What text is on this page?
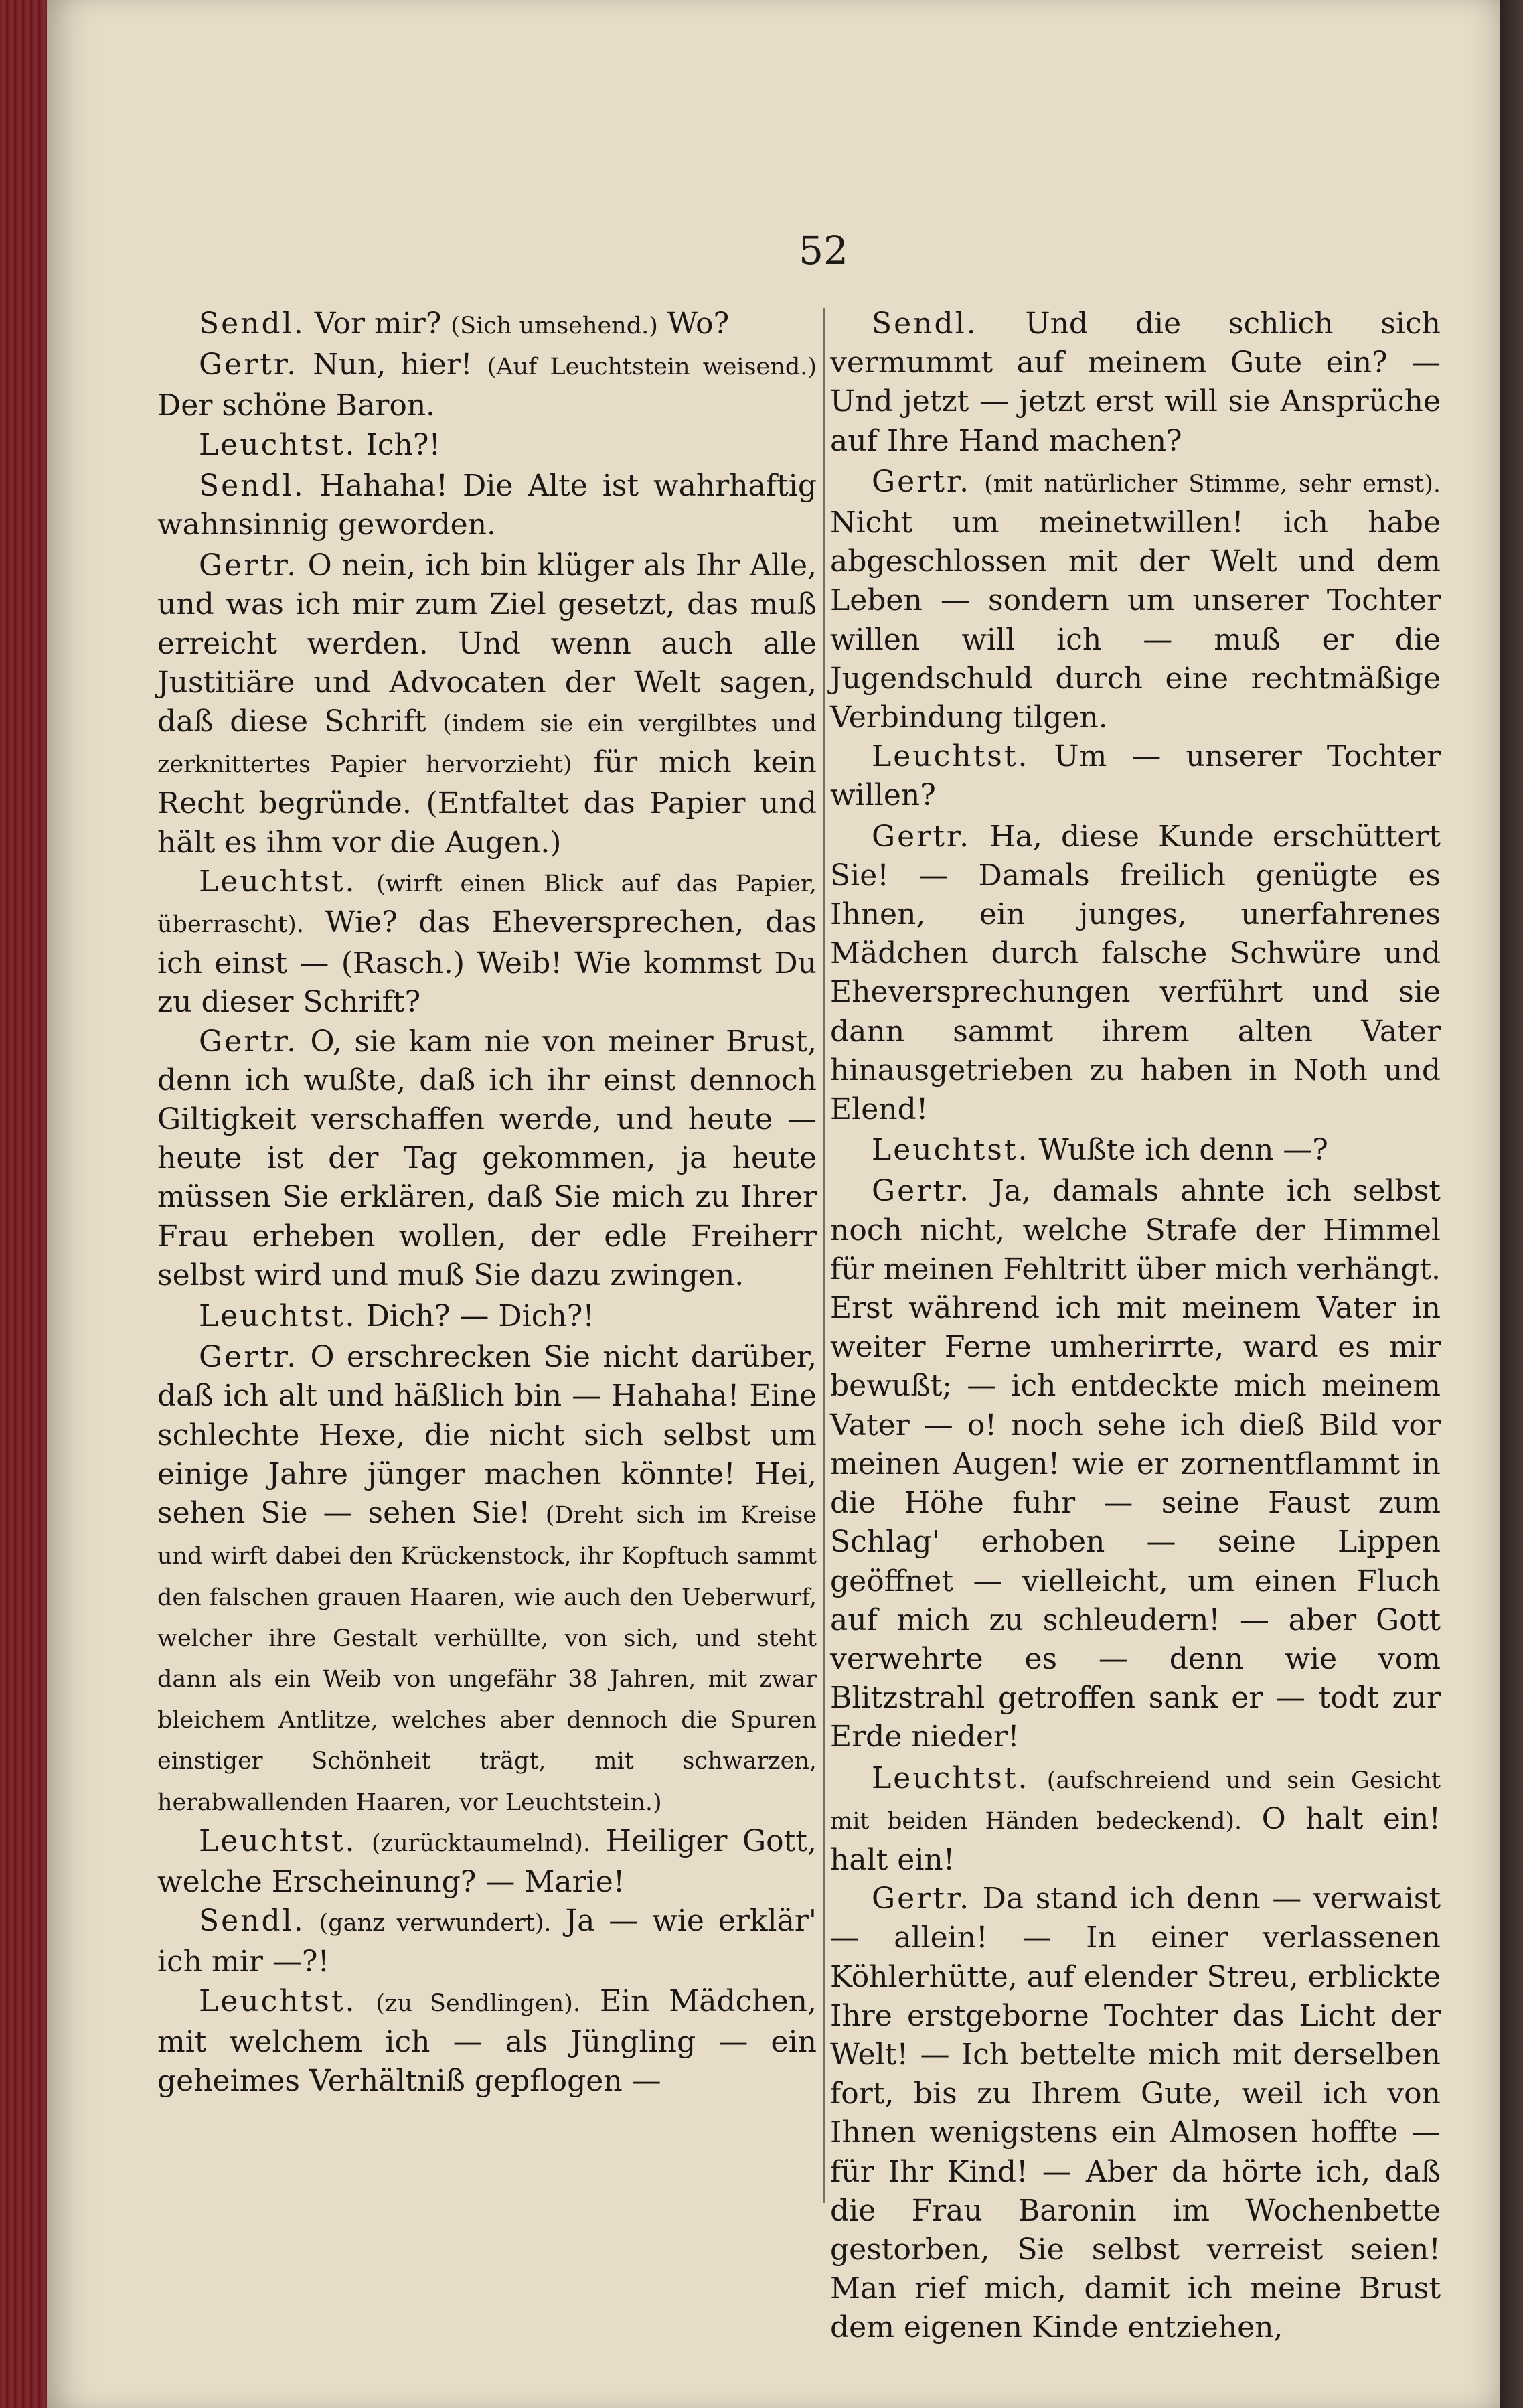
52

Sendl. Vor mir? (Sich umsehend.) Wo?

Gertr. Nun, hier! (Auf Leuchtstein weisend.) Der schöne Baron.

Leuchtst. Ich?!

Sendl. Hahaha! Die Alte ist wahrhaftig wahnsinnig geworden.

Gertr. O nein, ich bin klüger als Ihr Alle, und was ich mir zum Ziel gesetzt, das muß erreicht werden. Und wenn auch alle Justitiäre und Advocaten der Welt sagen, daß diese Schrift (indem sie ein vergilbtes und zerknittertes Papier hervorzieht) für mich kein Recht begründe. (Entfaltet das Papier und hält es ihm vor die Augen.)

Leuchtst. (wirft einen Blick auf das Papier, überrascht). Wie? das Eheversprechen, das ich einst — (Rasch.) Weib! Wie kommst Du zu dieser Schrift?

Gertr. O, sie kam nie von meiner Brust, denn ich wußte, daß ich ihr einst dennoch Giltigkeit verschaffen werde, und heute — heute ist der Tag gekommen, ja heute müssen Sie erklären, daß Sie mich zu Ihrer Frau erheben wollen, der edle Freiherr selbst wird und muß Sie dazu zwingen.

Leuchtst. Dich? — Dich?!

Gertr. O erschrecken Sie nicht darüber, daß ich alt und häßlich bin — Hahaha! Eine schlechte Hexe, die nicht sich selbst um einige Jahre jünger machen könnte! Hei, sehen Sie — sehen Sie! (Dreht sich im Kreise und wirft dabei den Krückenstock, ihr Kopftuch sammt den falschen grauen Haaren, wie auch den Ueberwurf, welcher ihre Gestalt verhüllte, von sich, und steht dann als ein Weib von ungefähr 38 Jahren, mit zwar bleichem Antlitze, welches aber dennoch die Spuren einstiger Schönheit trägt, mit schwarzen, herabwallenden Haaren, vor Leuchtstein.)

Leuchtst. (zurücktaumelnd). Heiliger Gott, welche Erscheinung? — Marie!

Sendl. (ganz verwundert). Ja — wie erklär' ich mir —?!

Leuchtst. (zu Sendlingen). Ein Mädchen, mit welchem ich — als Jüngling — ein geheimes Verhältniß gepflogen —

Sendl. Und die schlich sich vermummt auf meinem Gute ein? — Und jetzt — jetzt erst will sie Ansprüche auf Ihre Hand machen?

Gertr. (mit natürlicher Stimme, sehr ernst). Nicht um meinetwillen! ich habe abgeschlossen mit der Welt und dem Leben — sondern um unserer Tochter willen will ich — muß er die Jugendschuld durch eine rechtmäßige Verbindung tilgen.

Leuchtst. Um — unserer Tochter willen?

Gertr. Ha, diese Kunde erschüttert Sie! — Damals freilich genügte es Ihnen, ein junges, unerfahrenes Mädchen durch falsche Schwüre und Eheversprechungen verführt und sie dann sammt ihrem alten Vater hinausgetrieben zu haben in Noth und Elend!

Leuchtst. Wußte ich denn —?

Gertr. Ja, damals ahnte ich selbst noch nicht, welche Strafe der Himmel für meinen Fehltritt über mich verhängt. Erst während ich mit meinem Vater in weiter Ferne umherirrte, ward es mir bewußt; — ich entdeckte mich meinem Vater — o! noch sehe ich dieß Bild vor meinen Augen! wie er zornentflammt in die Höhe fuhr — seine Faust zum Schlag' erhoben — seine Lippen geöffnet — vielleicht, um einen Fluch auf mich zu schleudern! — aber Gott verwehrte es — denn wie vom Blitzstrahl getroffen sank er — todt zur Erde nieder!

Leuchtst. (aufschreiend und sein Gesicht mit beiden Händen bedeckend). O halt ein! halt ein!

Gertr. Da stand ich denn — verwaist — allein! — In einer verlassenen Köhlerhütte, auf elender Streu, erblickte Ihre erstgeborne Tochter das Licht der Welt! — Ich bettelte mich mit derselben fort, bis zu Ihrem Gute, weil ich von Ihnen wenigstens ein Almosen hoffte — für Ihr Kind! — Aber da hörte ich, daß die Frau Baronin im Wochenbette gestorben, Sie selbst verreist seien! Man rief mich, damit ich meine Brust dem eigenen Kinde entziehen,
